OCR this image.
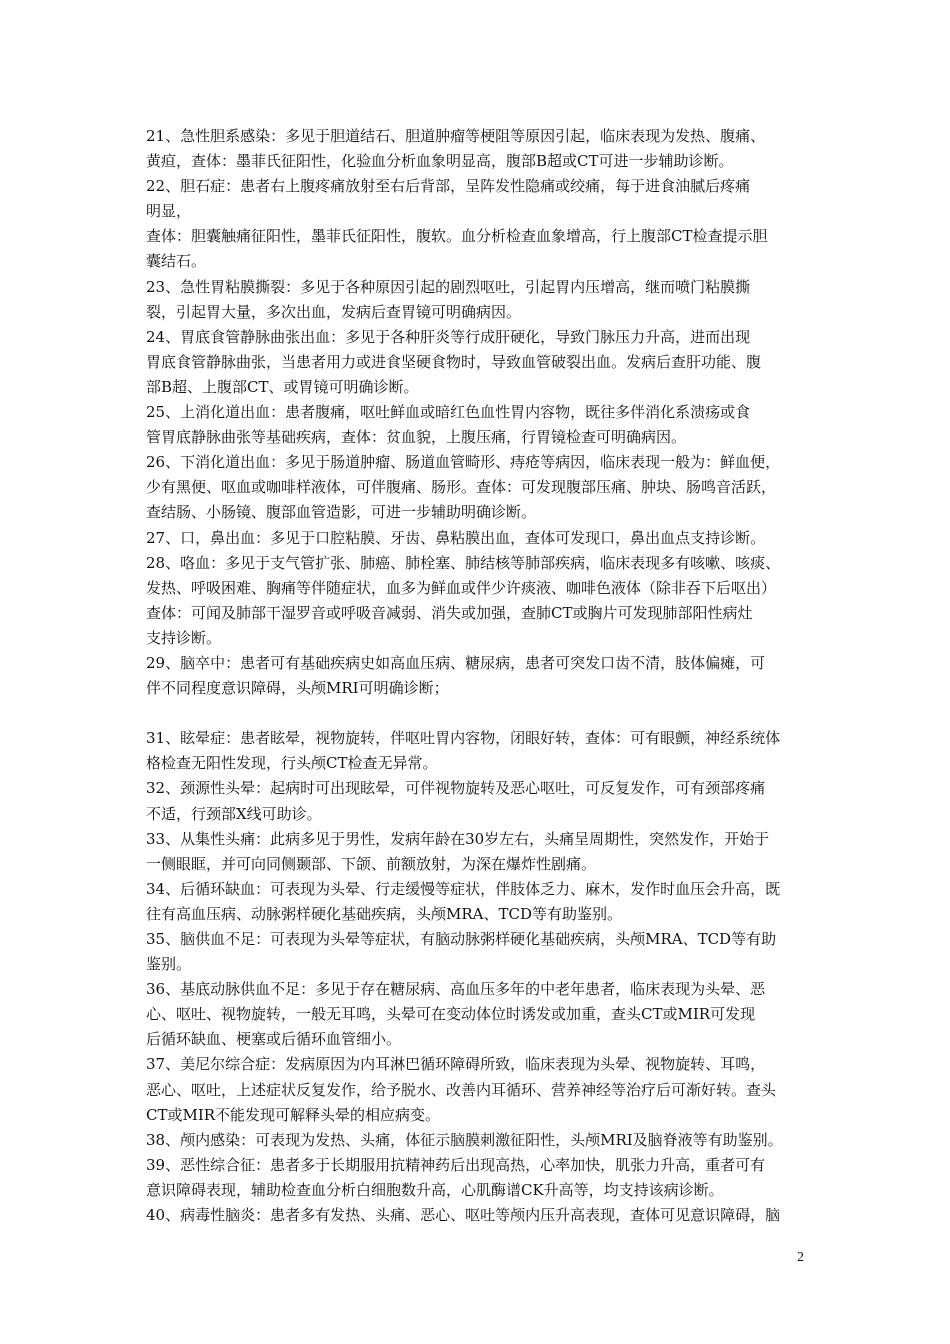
21、急性胆系感染：多见于胆道结石、胆道肿瘤等梗阻等原因引起，临床表现为发热、腹痛、
黄疸，查体：墨菲氏征阳性，化验血分析血象明显高，腹部B超或CT可进一步辅助诊断。
22、胆石症：患者右上腹疼痛放射至右后背部，呈阵发性隐痛或绞痛，每于进食油腻后疼痛
明显，
查体：胆囊触痛征阳性，墨菲氏征阳性，腹软。血分析检查血象增高，行上腹部CT检查提示胆
囊结石。
23、急性胃粘膜撕裂：多见于各种原因引起的剧烈呕吐，引起胃内压增高，继而喷门粘膜撕
裂，引起胃大量，多次出血，发病后查胃镜可明确病因。
24、胃底食管静脉曲张出血：多见于各种肝炎等行成肝硬化，导致门脉压力升高，进而出现
胃底食管静脉曲张，当患者用力或进食坚硬食物时，导致血管破裂出血。发病后查肝功能、腹
部B超、上腹部CT、或胃镜可明确诊断。
25、上消化道出血：患者腹痛，呕吐鲜血或暗红色血性胃内容物，既往多伴消化系溃疡或食
管胃底静脉曲张等基础疾病，查体：贫血貌，上腹压痛，行胃镜检查可明确病因。
26、下消化道出血：多见于肠道肿瘤、肠道血管畸形、痔疮等病因，临床表现一般为：鲜血便，
少有黑便、呕血或咖啡样液体，可伴腹痛、肠形。查体：可发现腹部压痛、肿块、肠鸣音活跃，
查结肠、小肠镜、腹部血管造影，可进一步辅助明确诊断。
27、口，鼻出血：多见于口腔粘膜、牙齿、鼻粘膜出血，查体可发现口，鼻出血点支持诊断。
28、咯血：多见于支气管扩张、肺癌、肺栓塞、肺结核等肺部疾病，临床表现多有咳嗽、咳痰、
发热、呼吸困难、胸痛等伴随症状，血多为鲜血或伴少许痰液、咖啡色液体（除非吞下后呕出）
查体：可闻及肺部干湿罗音或呼吸音减弱、消失或加强，查肺CT或胸片可发现肺部阳性病灶
支持诊断。
29、脑卒中：患者可有基础疾病史如高血压病、糖尿病，患者可突发口齿不清，肢体偏瘫，可
伴不同程度意识障碍，头颅MRI可明确诊断；
31、眩晕症：患者眩晕，视物旋转，伴呕吐胃内容物，闭眼好转，查体：可有眼颤，神经系统体
格检查无阳性发现，行头颅CT检查无异常。
32、颈源性头晕：起病时可出现眩晕，可伴视物旋转及恶心呕吐，可反复发作，可有颈部疼痛
不适，行颈部X线可助诊。
33、从集性头痛：此病多见于男性，发病年龄在30岁左右，头痛呈周期性，突然发作，开始于
一侧眼眶，并可向同侧颞部、下颌、前额放射，为深在爆炸性剧痛。
34、后循环缺血：可表现为头晕、行走缓慢等症状，伴肢体乏力、麻木，发作时血压会升高，既
往有高血压病、动脉粥样硬化基础疾病，头颅MRA、TCD等有助鉴别。
35、脑供血不足：可表现为头晕等症状，有脑动脉粥样硬化基础疾病，头颅MRA、TCD等有助
鉴别。
36、基底动脉供血不足：多见于存在糖尿病、高血压多年的中老年患者，临床表现为头晕、恶
心、呕吐、视物旋转，一般无耳鸣，头晕可在变动体位时诱发或加重，查头CT或MIR可发现
后循环缺血、梗塞或后循环血管细小。
37、美尼尔综合症：发病原因为内耳淋巴循环障碍所致，临床表现为头晕、视物旋转、耳鸣，
恶心、呕吐，上述症状反复发作，给予脱水、改善内耳循环、营养神经等治疗后可渐好转。查头
CT或MIR不能发现可解释头晕的相应病变。
38、颅内感染：可表现为发热、头痛，体征示脑膜刺激征阳性，头颅MRI及脑脊液等有助鉴别。
39、恶性综合征：患者多于长期服用抗精神药后出现高热，心率加快，肌张力升高，重者可有
意识障碍表现，辅助检查血分析白细胞数升高，心肌酶谱CK升高等，均支持该病诊断。
40、病毒性脑炎：患者多有发热、头痛、恶心、呕吐等颅内压升高表现，查体可见意识障碍，脑
2
